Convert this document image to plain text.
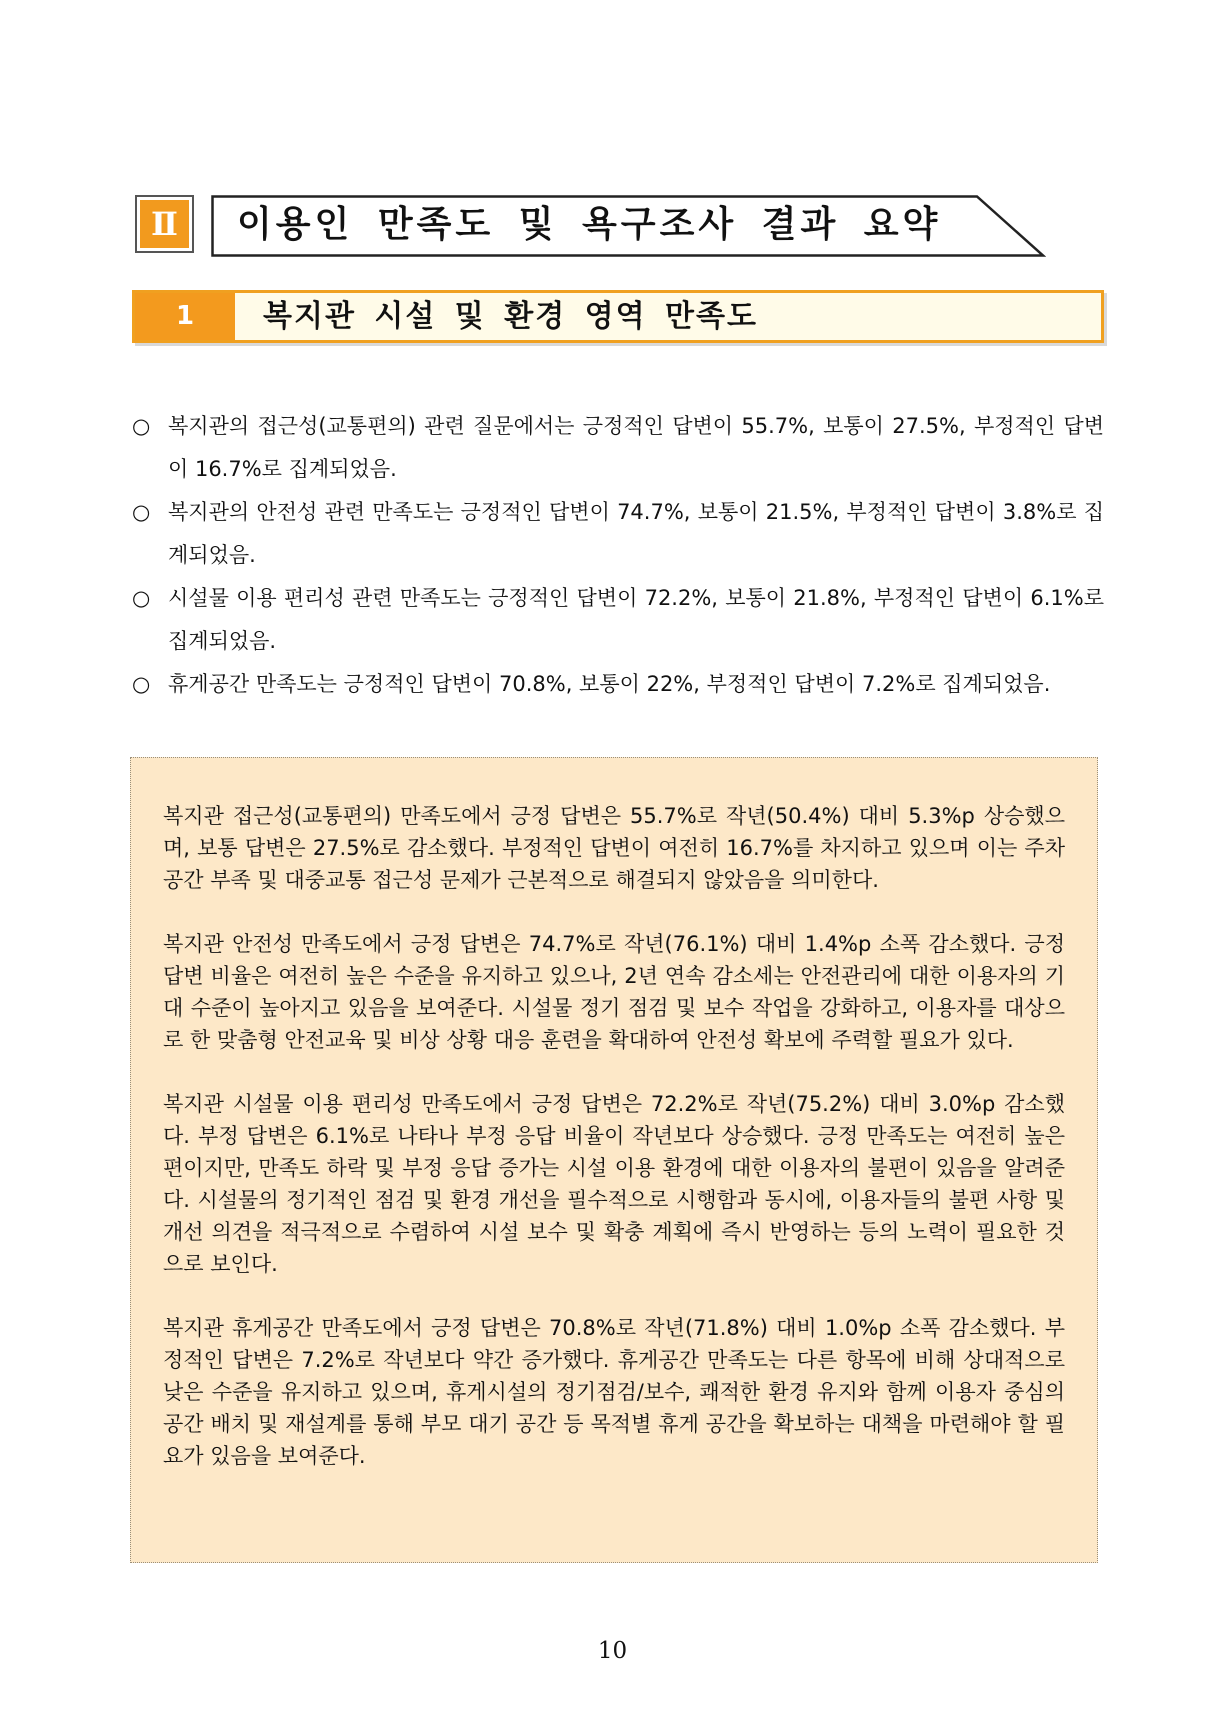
Ⅱ	이용인 만족도 및 욕구조사 결과 요약
1	복지관 시설 및 환경 영역 만족도
○ 복지관의 접근성(교통편의) 관련 질문에서는 긍정적인 답변이 55.7%, 보통이 27.5%, 부정적인 답변이 16.7%로 집계되었음.
○ 복지관의 안전성 관련 만족도는 긍정적인 답변이 74.7%, 보통이 21.5%, 부정적인 답변이 3.8%로 집계되었음.
○ 시설물 이용 편리성 관련 만족도는 긍정적인 답변이 72.2%, 보통이 21.8%, 부정적인 답변이 6.1%로 집계되었음.
○ 휴게공간 만족도는 긍정적인 답변이 70.8%, 보통이 22%, 부정적인 답변이 7.2%로 집계되었음.

복지관 접근성(교통편의) 만족도에서 긍정 답변은 55.7%로 작년(50.4%) 대비 5.3%p 상승했으며, 보통 답변은 27.5%로 감소했다. 부정적인 답변이 여전히 16.7%를 차지하고 있으며 이는 주차 공간 부족 및 대중교통 접근성 문제가 근본적으로 해결되지 않았음을 의미한다.

복지관 안전성 만족도에서 긍정 답변은 74.7%로 작년(76.1%) 대비 1.4%p 소폭 감소했다. 긍정 답변 비율은 여전히 높은 수준을 유지하고 있으나, 2년 연속 감소세는 안전관리에 대한 이용자의 기대 수준이 높아지고 있음을 보여준다. 시설물 정기 점검 및 보수 작업을 강화하고, 이용자를 대상으로 한 맞춤형 안전교육 및 비상 상황 대응 훈련을 확대하여 안전성 확보에 주력할 필요가 있다.

복지관 시설물 이용 편리성 만족도에서 긍정 답변은 72.2%로 작년(75.2%) 대비 3.0%p 감소했다. 부정 답변은 6.1%로 나타나 부정 응답 비율이 작년보다 상승했다. 긍정 만족도는 여전히 높은 편이지만, 만족도 하락 및 부정 응답 증가는 시설 이용 환경에 대한 이용자의 불편이 있음을 알려준다. 시설물의 정기적인 점검 및 환경 개선을 필수적으로 시행함과 동시에, 이용자들의 불편 사항 및 개선 의견을 적극적으로 수렴하여 시설 보수 및 확충 계획에 즉시 반영하는 등의 노력이 필요한 것으로 보인다.

복지관 휴게공간 만족도에서 긍정 답변은 70.8%로 작년(71.8%) 대비 1.0%p 소폭 감소했다. 부정적인 답변은 7.2%로 작년보다 약간 증가했다. 휴게공간 만족도는 다른 항목에 비해 상대적으로 낮은 수준을 유지하고 있으며, 휴게시설의 정기점검/보수, 쾌적한 환경 유지와 함께 이용자 중심의 공간 배치 및 재설계를 통해 부모 대기 공간 등 목적별 휴게 공간을 확보하는 대책을 마련해야 할 필요가 있음을 보여준다.

10
